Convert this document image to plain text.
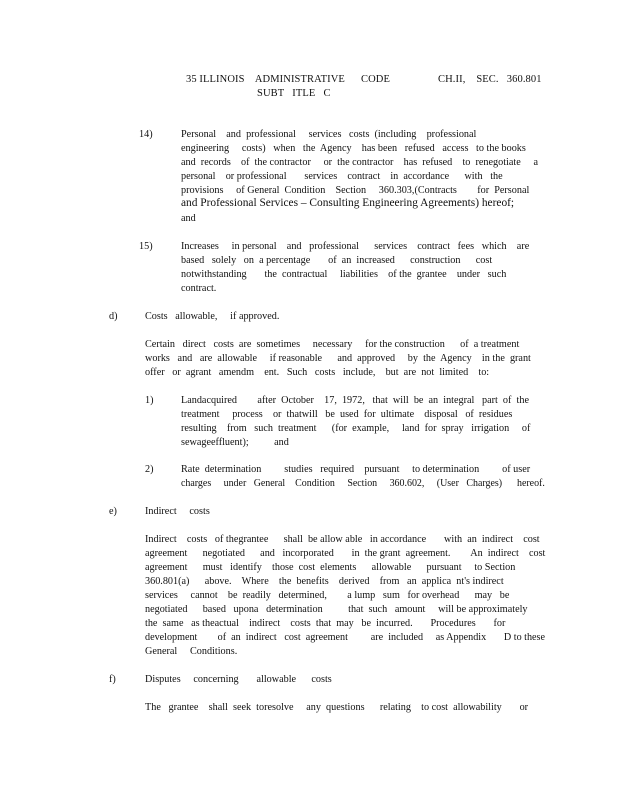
35 ILLINOIS    ADMINISTRATIVE CODE	CH.II,    SEC.   360.801
SUBT   ITLE   C
14)	Personal    and  professional     services   costs  (including    professional
engineering     costs)   when   the  Agency    has been   refused   access   to the books
and  records    of  the contractor     or  the contractor    has  refused    to  renegotiate     a
personal    or professional       services    contract    in  accordance      with   the
provisions     of General  Condition    Section     360.303,(Contracts        for  Personal
and Professional Services – Consulting Engineering Agreements) hereof;
and
15)	Increases     in personal    and   professional      services    contract   fees   which    are
based   solely   on  a percentage       of  an  increased      construction      cost
notwithstanding       the  contractual     liabilities    of the  grantee    under   such
contract.
d)	Costs   allowable,     if approved.
Certain   direct   costs  are  sometimes     necessary     for the construction      of  a treatment
works   and   are  allowable     if reasonable      and  approved     by  the  Agency    in the  grant
offer   or  agrant   amendm    ent.   Such   costs   include,    but  are  not  limited    to:
1)	Landacquired        after  October    17,  1972,   that  will  be  an  integral   part  of  the
treatment     process    or  thatwill   be  used  for  ultimate    disposal   of  residues
resulting    from   such  treatment      (for  example,     land  for  spray   irrigation     of
sewageeffluent);          and
2)	Rate  determination         studies   required    pursuant     to determination         of user
charges     under   General    Condition     Section     360.602,     (User   Charges)      hereof.
e)	Indirect     costs
Indirect    costs   of thegrantee      shall  be allow able   in accordance       with  an  indirect    cost
agreement      negotiated      and   incorporated       in  the grant  agreement.        An  indirect    cost
agreement      must   identify    those  cost  elements      allowable      pursuant     to Section
360.801(a)      above.    Where    the  benefits    derived    from   an  applica  nt's indirect
services     cannot    be  readily   determined,        a lump   sum   for overhead      may   be
negotiated      based   upona   determination          that  such   amount     will be approximately
the  same   as theactual    indirect    costs  that  may   be  incurred.       Procedures       for
development        of  an  indirect   cost  agreement         are  included     as Appendix       D to these
General     Conditions.
f)	Disputes     concerning       allowable      costs
The   grantee    shall  seek  toresolve     any  questions      relating    to cost  allowability       or
